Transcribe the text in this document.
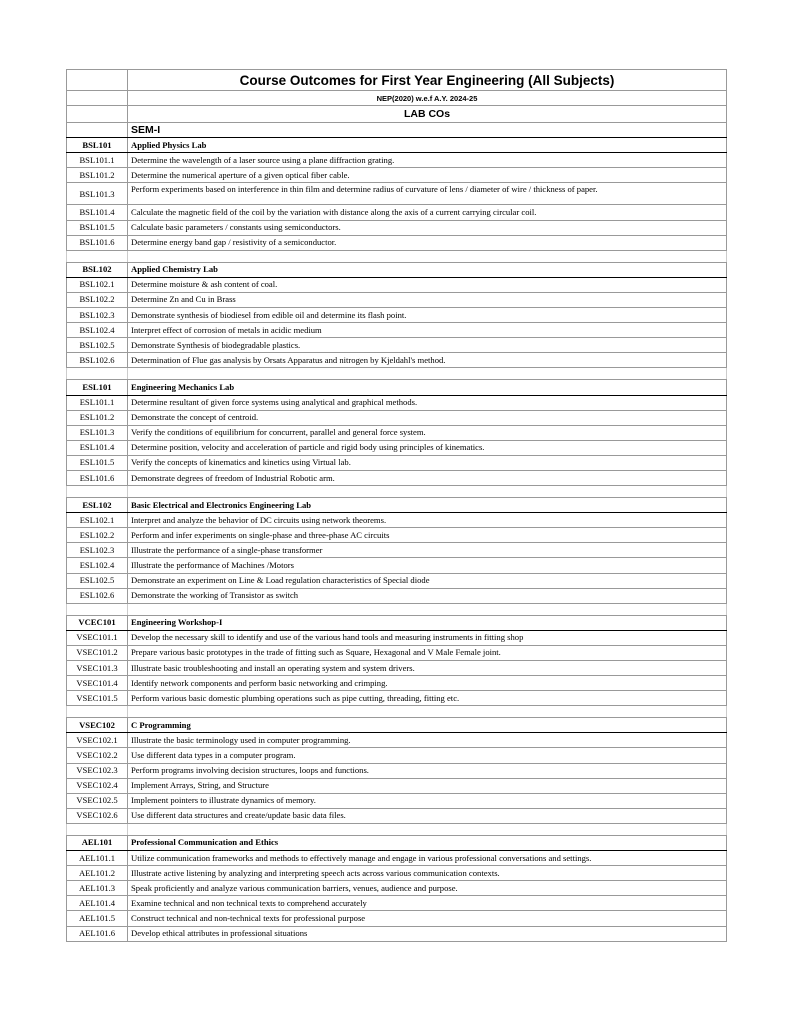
	Course Outcomes for First Year Engineering (All Subjects)
	NEP(2020) w.e.f A.Y. 2024-25
	LAB COs
	SEM-I
BSL101	Applied Physics Lab
BSL101.1	Determine the wavelength of a laser source using a plane diffraction grating.
BSL101.2	Determine the numerical aperture of a given optical fiber cable.
BSL101.3	Perform experiments based on interference in thin film and determine radius of curvature of lens / diameter of wire / thickness of paper.
BSL101.4	Calculate the magnetic field of the coil by the variation with distance along the axis of a current carrying circular coil.
BSL101.5	Calculate basic parameters / constants using semiconductors.
BSL101.6	Determine energy band gap / resistivity of a semiconductor.

BSL102	Applied Chemistry Lab
BSL102.1	Determine moisture & ash content of coal.
BSL102.2	Determine Zn and Cu in Brass
BSL102.3	Demonstrate synthesis of biodiesel from edible oil and determine its flash point.
BSL102.4	Interpret effect of corrosion of metals in acidic medium
BSL102.5	Demonstrate Synthesis of biodegradable plastics.
BSL102.6	Determination of Flue gas analysis by Orsats Apparatus and nitrogen by Kjeldahl's method.

ESL101	Engineering Mechanics Lab
ESL101.1	Determine resultant of given force systems using analytical and graphical methods.
ESL101.2	Demonstrate the concept of centroid.
ESL101.3	Verify the conditions of equilibrium for concurrent, parallel and general force system.
ESL101.4	Determine position, velocity and acceleration of particle and rigid body using principles of kinematics.
ESL101.5	Verify the concepts of kinematics and kinetics using Virtual lab.
ESL101.6	Demonstrate degrees of freedom of Industrial Robotic arm.

ESL102	Basic Electrical and Electronics Engineering Lab
ESL102.1	Interpret and analyze the behavior of DC circuits using network theorems.
ESL102.2	Perform and infer experiments on single-phase and three-phase AC circuits
ESL102.3	Illustrate the performance of a single-phase transformer
ESL102.4	Illustrate the performance of Machines /Motors
ESL102.5	Demonstrate an experiment on Line & Load regulation characteristics of Special diode
ESL102.6	Demonstrate the working of Transistor as switch

VCEC101	Engineering Workshop-I
VSEC101.1	Develop the necessary skill to identify and use of the various hand tools and measuring instruments in fitting shop
VSEC101.2	Prepare various basic prototypes in the trade of fitting such as Square, Hexagonal and V Male Female joint.
VSEC101.3	Illustrate basic troubleshooting and install an operating system and system drivers.
VSEC101.4	Identify network components and perform basic networking and crimping.
VSEC101.5	Perform various basic domestic plumbing operations such as pipe cutting, threading, fitting etc.

VSEC102	C Programming
VSEC102.1	Illustrate the basic terminology used in computer programming.
VSEC102.2	Use different data types in a computer program.
VSEC102.3	Perform programs involving decision structures, loops and functions.
VSEC102.4	Implement Arrays, String, and Structure
VSEC102.5	Implement pointers to illustrate dynamics of memory.
VSEC102.6	Use different data structures and create/update basic data files.

AEL101	Professional Communication and Ethics
AEL101.1	Utilize communication frameworks and methods to effectively manage and engage in various professional conversations and settings.
AEL101.2	Illustrate active listening by analyzing and interpreting speech acts across various communication contexts.
AEL101.3	Speak proficiently and analyze various communication barriers, venues, audience and purpose.
AEL101.4	Examine technical and non technical texts to comprehend accurately
AEL101.5	Construct technical and non-technical texts for professional purpose
AEL101.6	Develop ethical attributes in professional situations
